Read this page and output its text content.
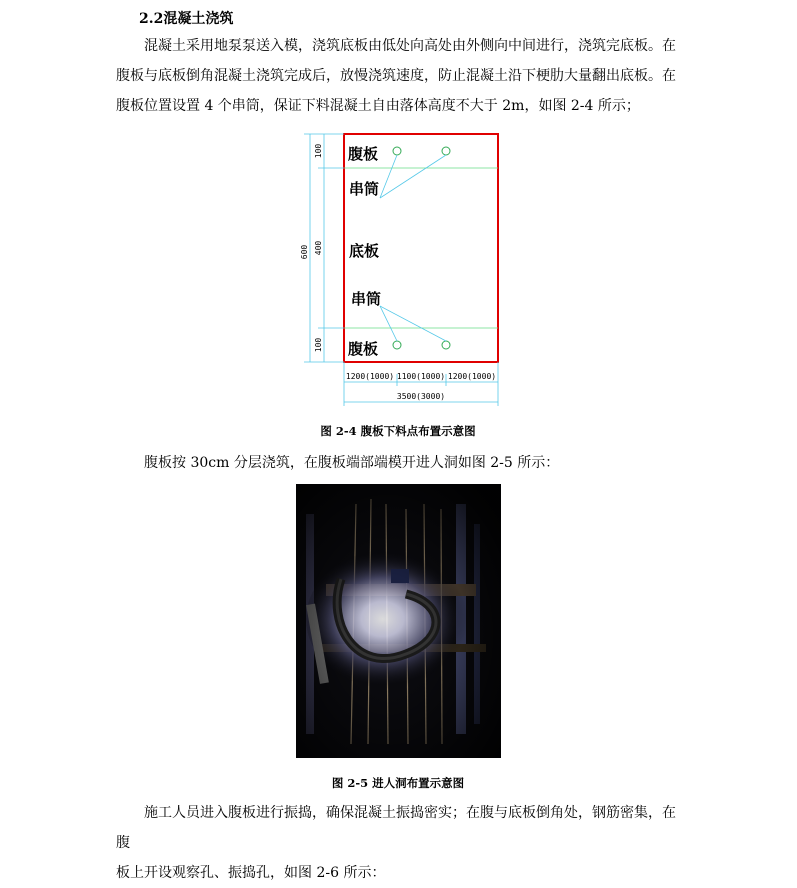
2.2混凝土浇筑
混凝土采用地泵泵送入模，浇筑底板由低处向高处由外侧向中间进行，浇筑完底板。在
腹板与底板倒角混凝土浇筑完成后，放慢浇筑速度，防止混凝土沿下梗肋大量翻出底板。在
腹板位置设置 4 个串筒，保证下料混凝土自由落体高度不大于 2m，如图 2-4 所示；
600
100
400
100
1200(1000) 1100(1000) 1200(1000)
3500(3000)
腹板
串筒
底板
串筒
腹板
图 2-4 腹板下料点布置示意图
腹板按 30cm 分层浇筑，在腹板端部端模开进人洞如图 2-5 所示：
图 2-5 进人洞布置示意图
施工人员进入腹板进行振捣，确保混凝土振捣密实；在腹与底板倒角处，钢筋密集，在腹
板上开设观察孔、振捣孔，如图 2-6 所示：
